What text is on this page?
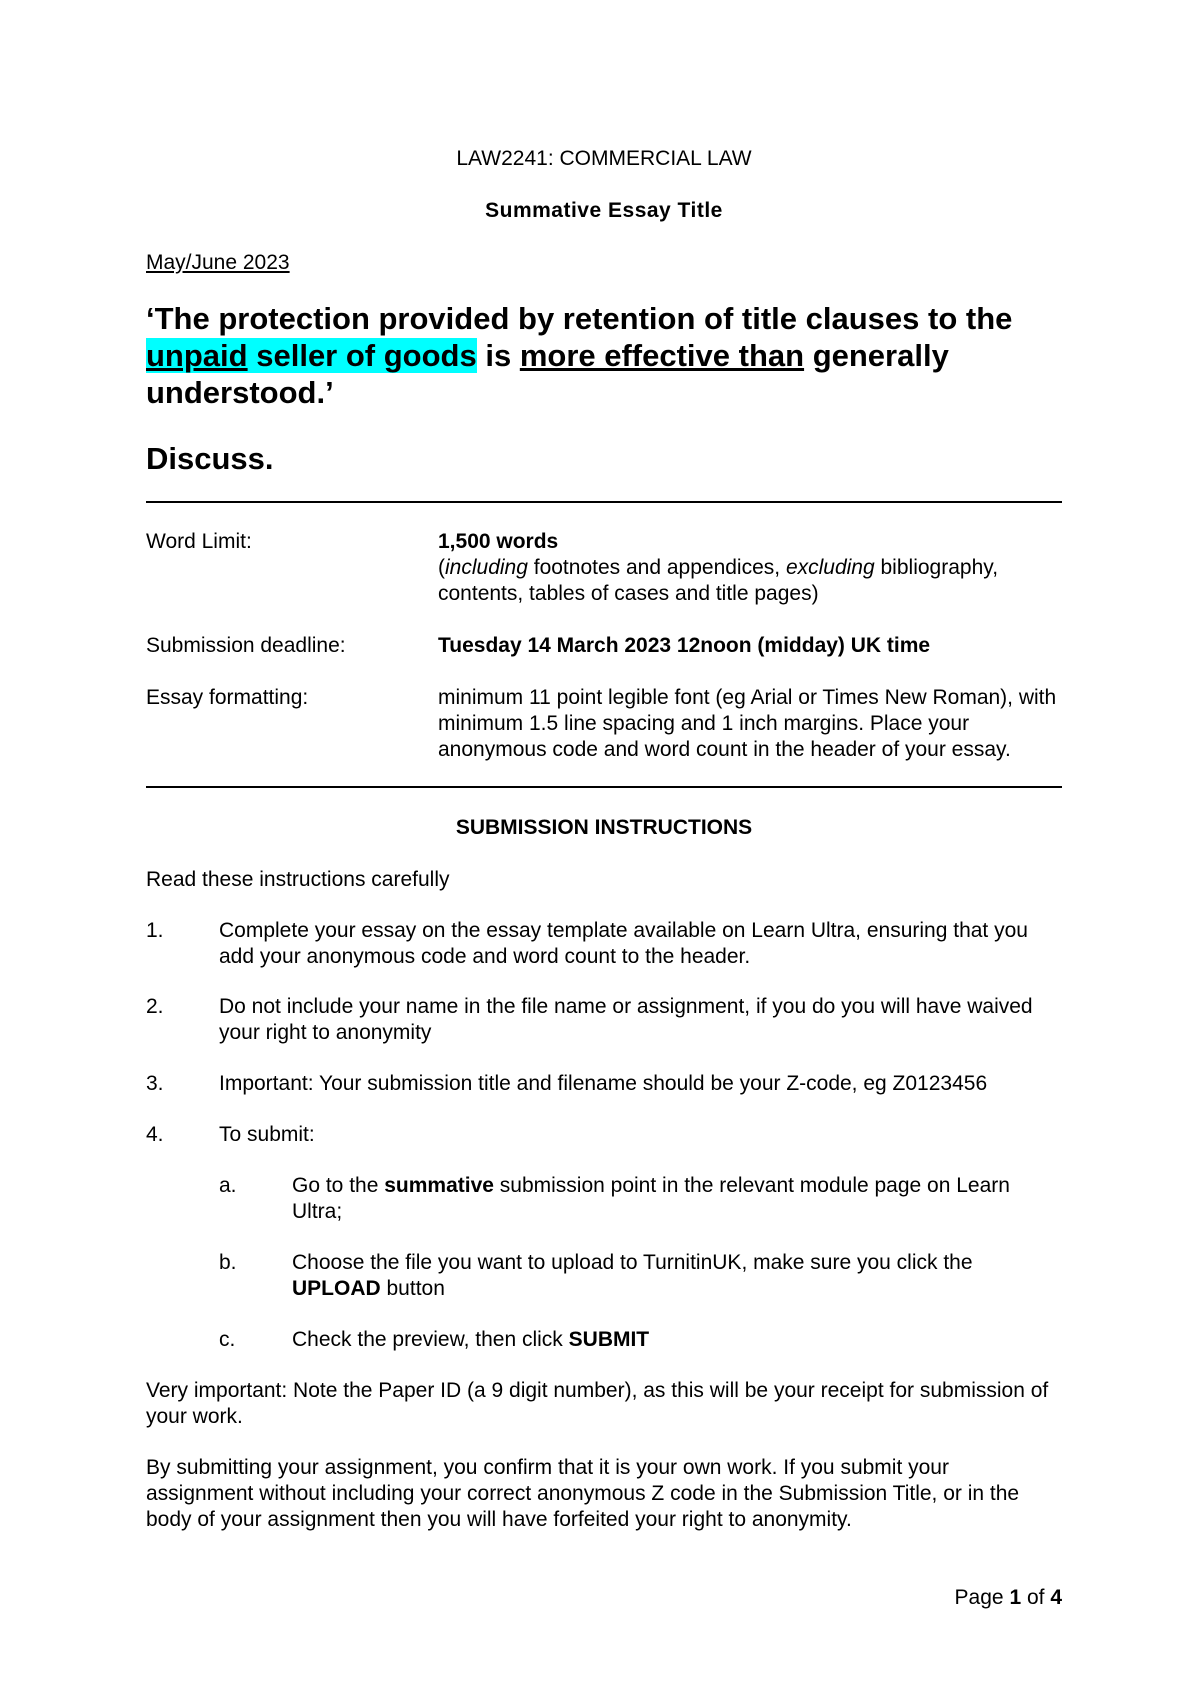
LAW2241: COMMERCIAL LAW
Summative Essay Title
May/June 2023
‘The protection provided by retention of title clauses to the unpaid seller of goods is more effective than generally understood.’
Discuss.
Word Limit:	1,500 words
(including footnotes and appendices, excluding bibliography, contents, tables of cases and title pages)
Submission deadline:	Tuesday 14 March 2023 12noon (midday) UK time
Essay formatting:	minimum 11 point legible font (eg Arial or Times New Roman), with minimum 1.5 line spacing and 1 inch margins. Place your anonymous code and word count in the header of your essay.
SUBMISSION INSTRUCTIONS
Read these instructions carefully
1.	Complete your essay on the essay template available on Learn Ultra, ensuring that you add your anonymous code and word count to the header.
2.	Do not include your name in the file name or assignment, if you do you will have waived your right to anonymity
3.	Important: Your submission title and filename should be your Z-code, eg Z0123456
4.	To submit:
a.	Go to the summative submission point in the relevant module page on Learn Ultra;
b.	Choose the file you want to upload to TurnitinUK, make sure you click the UPLOAD button
c.	Check the preview, then click SUBMIT
Very important: Note the Paper ID (a 9 digit number), as this will be your receipt for submission of your work.
By submitting your assignment, you confirm that it is your own work. If you submit your assignment without including your correct anonymous Z code in the Submission Title, or in the body of your assignment then you will have forfeited your right to anonymity.
Page 1 of 4
